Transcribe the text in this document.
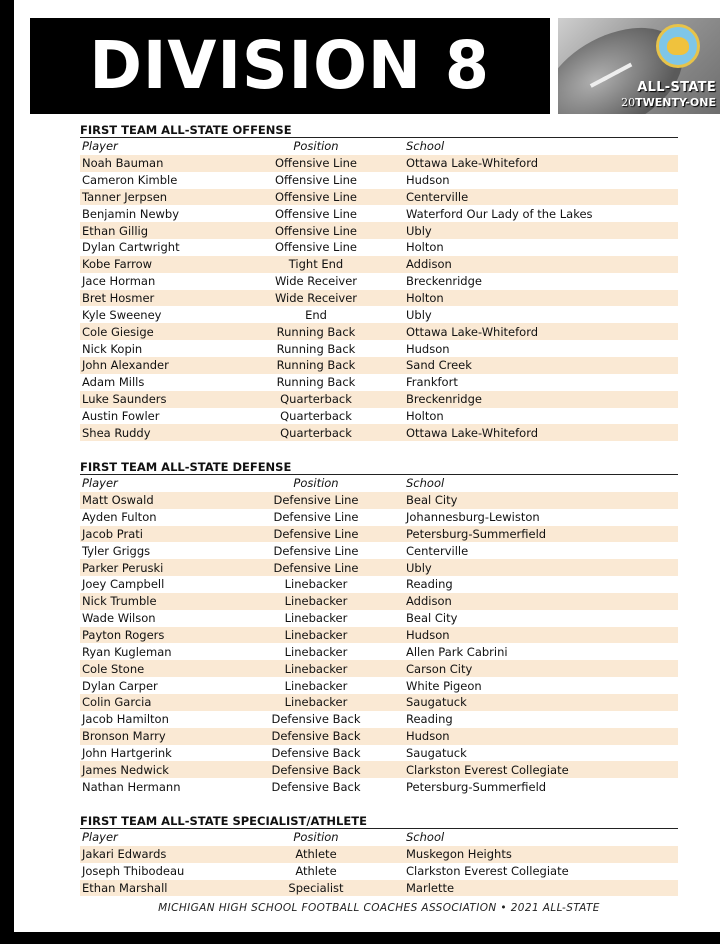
DIVISION 8	ALL-STATE
20TWENTY-ONE
FIRST TEAM ALL-STATE OFFENSE
Player	Position	School
Noah Bauman	Offensive Line	Ottawa Lake-Whiteford
Cameron Kimble	Offensive Line	Hudson
Tanner Jerpsen	Offensive Line	Centerville
Benjamin Newby	Offensive Line	Waterford Our Lady of the Lakes
Ethan Gillig	Offensive Line	Ubly
Dylan Cartwright	Offensive Line	Holton
Kobe Farrow	Tight End	Addison
Jace Horman	Wide Receiver	Breckenridge
Bret Hosmer	Wide Receiver	Holton
Kyle Sweeney	End	Ubly
Cole Giesige	Running Back	Ottawa Lake-Whiteford
Nick Kopin	Running Back	Hudson
John Alexander	Running Back	Sand Creek
Adam Mills	Running Back	Frankfort
Luke Saunders	Quarterback	Breckenridge
Austin Fowler	Quarterback	Holton
Shea Ruddy	Quarterback	Ottawa Lake-Whiteford
FIRST TEAM ALL-STATE DEFENSE
Player	Position	School
Matt Oswald	Defensive Line	Beal City
Ayden Fulton	Defensive Line	Johannesburg-Lewiston
Jacob Prati	Defensive Line	Petersburg-Summerfield
Tyler Griggs	Defensive Line	Centerville
Parker Peruski	Defensive Line	Ubly
Joey Campbell	Linebacker	Reading
Nick Trumble	Linebacker	Addison
Wade Wilson	Linebacker	Beal City
Payton Rogers	Linebacker	Hudson
Ryan Kugleman	Linebacker	Allen Park Cabrini
Cole Stone	Linebacker	Carson City
Dylan Carper	Linebacker	White Pigeon
Colin Garcia	Linebacker	Saugatuck
Jacob Hamilton	Defensive Back	Reading
Bronson Marry	Defensive Back	Hudson
John Hartgerink	Defensive Back	Saugatuck
James Nedwick	Defensive Back	Clarkston Everest Collegiate
Nathan Hermann	Defensive Back	Petersburg-Summerfield
FIRST TEAM ALL-STATE SPECIALIST/ATHLETE
Player	Position	School
Jakari Edwards	Athlete	Muskegon Heights
Joseph Thibodeau	Athlete	Clarkston Everest Collegiate
Ethan Marshall	Specialist	Marlette
MICHIGAN HIGH SCHOOL FOOTBALL COACHES ASSOCIATION • 2021 ALL-STATE
